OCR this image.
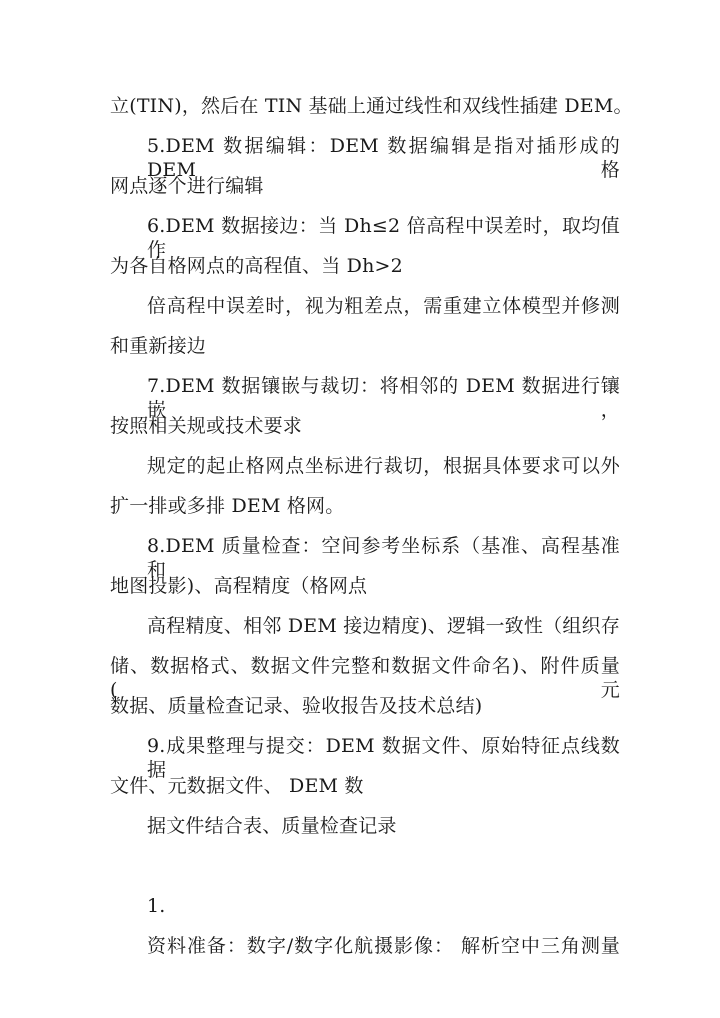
立(TIN)，然后在 TIN 基础上通过线性和双线性插建 DEM。
5.DEM 数据编辑：DEM 数据编辑是指对插形成的 DEM 格
网点逐个进行编辑
6.DEM 数据接边：当 Dh≤2 倍高程中误差时，取均值作
为各自格网点的高程值、当 Dh>2
倍高程中误差时，视为粗差点，需重建立体模型并修测
和重新接边
7.DEM 数据镶嵌与裁切：将相邻的 DEM 数据进行镶嵌，
按照相关规或技术要求
规定的起止格网点坐标进行裁切，根据具体要求可以外
扩一排或多排 DEM 格网。
8.DEM 质量检查：空间参考坐标系（基准、高程基准和
地图投影)、高程精度（格网点
高程精度、相邻 DEM 接边精度)、逻辑一致性（组织存
储、数据格式、数据文件完整和数据文件命名)、附件质量(元
数据、质量检查记录、验收报告及技术总结)
9.成果整理与提交：DEM 数据文件、原始特征点线数据
文件、元数据文件、 DEM 数
据文件结合表、质量检查记录
1.
资料准备：数字/数字化航摄影像： 解析空中三角测量
